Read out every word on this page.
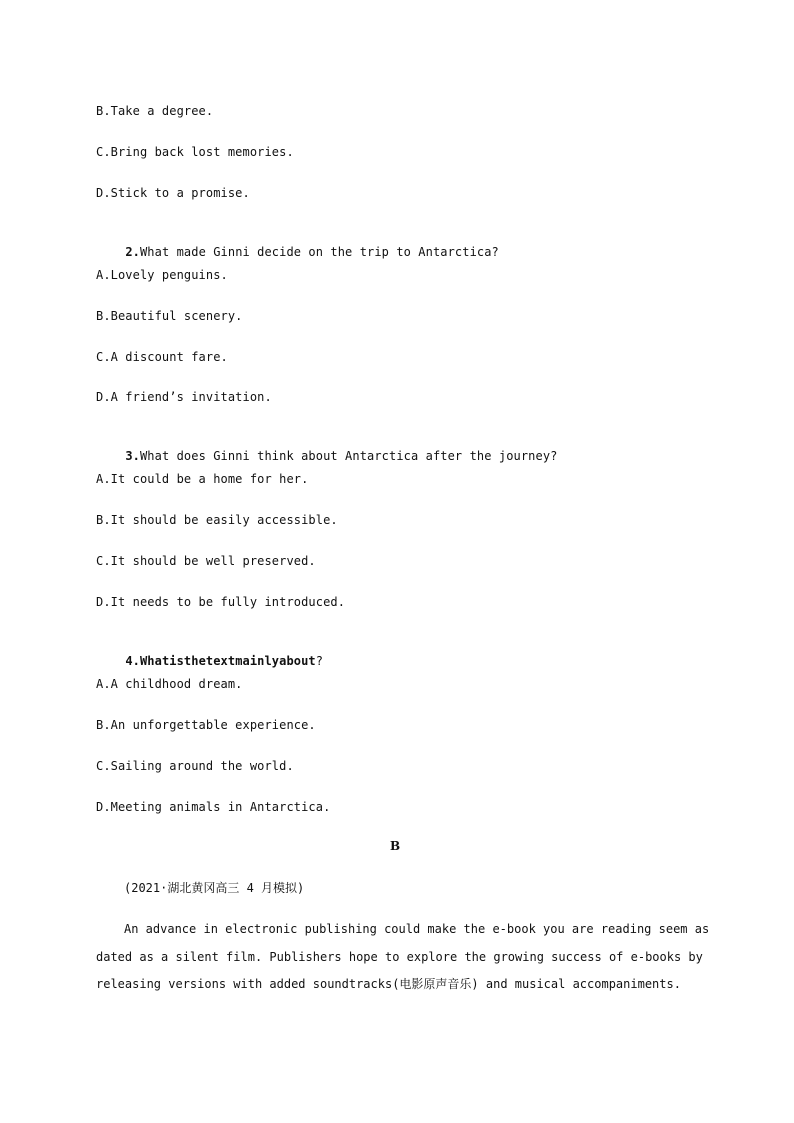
B.Take a degree.
C.Bring back lost memories.
D.Stick to a promise.

2.What made Ginni decide on the trip to Antarctica?

A.Lovely penguins.
B.Beautiful scenery.
C.A discount fare.
D.A friend’s invitation.

3.What does Ginni think about Antarctica after the journey?

A.It could be a home for her.
B.It should be easily accessible.
C.It should be well preserved.
D.It needs to be fully introduced.

4.Whatisthetextmainlyabout?

A.A childhood dream.
B.An unforgettable experience.
C.Sailing around the world.
D.Meeting animals in Antarctica.
B
(2021·湖北黄冈高三 4 月模拟)
An advance in electronic publishing could make the e-book you are reading seem as
dated as a silent film. Publishers hope to explore the growing success of e-books by
releasing versions with added soundtracks(电影原声音乐) and musical accompaniments.
